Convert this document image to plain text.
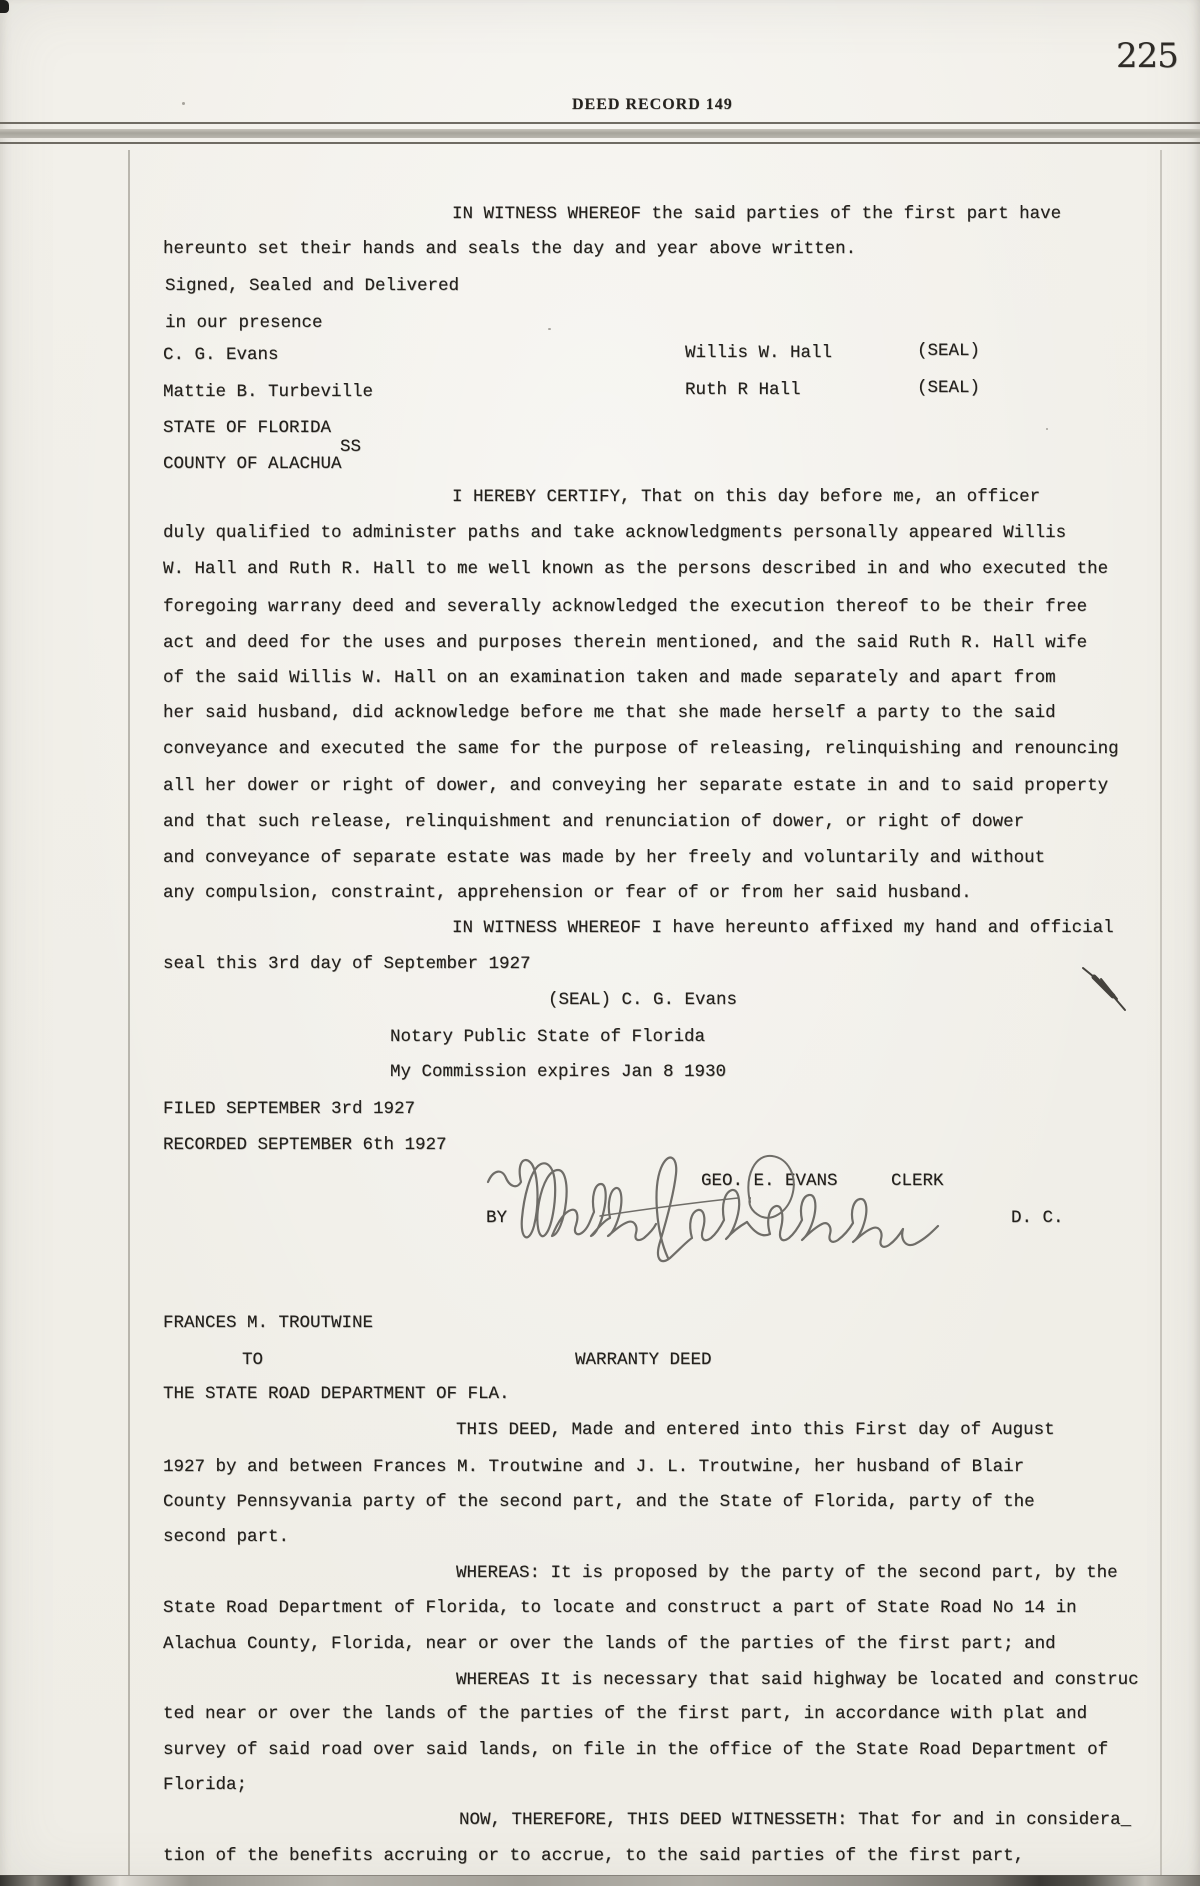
225
DEED RECORD 149
IN WITNESS WHEREOF the said parties of the first part have
hereunto set their hands and seals the day and year above written.
Signed, Sealed and Delivered
in our presence
C. G. Evans	Willis W. Hall	(SEAL)
Mattie B. Turbeville	Ruth R Hall	(SEAL)
STATE OF FLORIDA
SS
COUNTY OF ALACHUA
I HEREBY CERTIFY, That on this day before me, an officer
duly qualified to administer paths and take acknowledgments personally appeared Willis
W. Hall and Ruth R. Hall to me well known as the persons described in and who executed the
foregoing warrany deed and severally acknowledged the execution thereof to be their free
act and deed for the uses and purposes therein mentioned, and the said Ruth R. Hall wife
of the said Willis W. Hall on an examination taken and made separately and apart from
her said husband, did acknowledge before me that she made herself a party to the said
conveyance and executed the same for the purpose of releasing, relinquishing and renouncing
all her dower or right of dower, and conveying her separate estate in and to said property
and that such release, relinquishment and renunciation of dower, or right of dower
and conveyance of separate estate was made by her freely and voluntarily and without
any compulsion, constraint, apprehension or fear of or from her said husband.
IN WITNESS WHEREOF I have hereunto affixed my hand and official
seal this 3rd day of September 1927
(SEAL) C. G. Evans
Notary Public State of Florida
My Commission expires Jan 8 1930
FILED SEPTEMBER 3rd 1927
RECORDED SEPTEMBER 6th 1927
GEO. E. EVANS	CLERK
BY	D. C.
FRANCES M. TROUTWINE
TO	WARRANTY DEED
THE STATE ROAD DEPARTMENT OF FLA.
THIS DEED, Made and entered into this First day of August
1927 by and between Frances M. Troutwine and J. L. Troutwine, her husband of Blair
County Pennsyvania party of the second part, and the State of Florida, party of the
second part.
WHEREAS: It is proposed by the party of the second part, by the
State Road Department of Florida, to locate and construct a part of State Road No 14 in
Alachua County, Florida, near or over the lands of the parties of the first part; and
WHEREAS It is necessary that said highway be located and construc
ted near or over the lands of the parties of the first part, in accordance with plat and
survey of said road over said lands, on file in the office of the State Road Department of
Florida;
NOW, THEREFORE, THIS DEED WITNESSETH: That for and in considera_
tion of the benefits accruing or to accrue, to the said parties of the first part,
